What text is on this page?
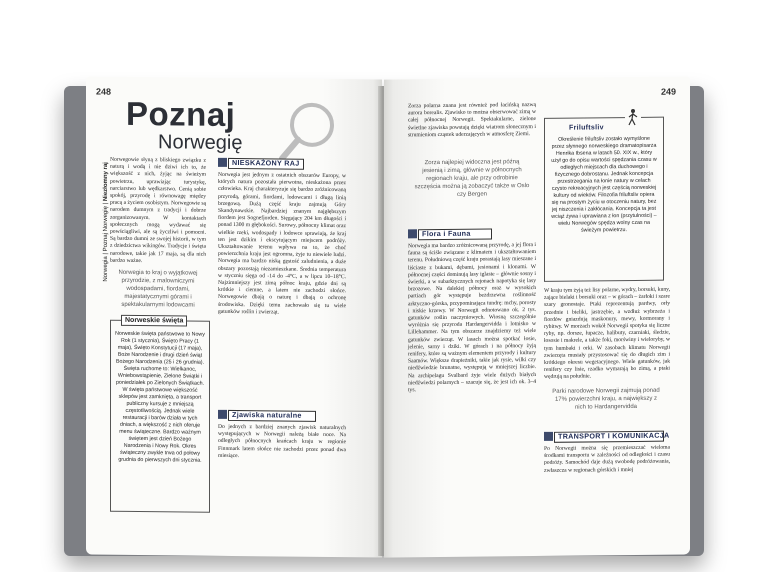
248
Norwegia | Poznaj Norwegię | Niezłomny raj
Poznaj
Norwegię
Norwegowie słyną z bliskiego związku z naturą i wodą i nie dziwi ich to, że większość z nich, żyjąc na świeżym powietrzu, uprawiając turystykę, narciarstwo lub wędkarstwo. Cenią sobie spokój, przyrodę i równowagę między pracą a życiem osobistym. Norwegowie są narodem dumnym z tradycji i dobrze zorganizowanym. W kontaktach społecznych mogą wydawać się powściągliwi, ale są życzliwi i pomocni. Są bardzo dumni ze swojej historii, w tym z dziedzictwa wikingów. Tradycje i święta narodowe, takie jak 17 maja, są dla nich bardzo ważne.
Norwegia to kraj o wyjątkowej przyrodzie, z malowniczymi wodospadami, fiordami, majestatycznymi górami i spektakularnymi lodowcami
Norweskie święta
Norweskie święta państwowe to Nowy Rok (1 stycznia), Święto Pracy (1 maja), Święto Konstytucji (17 maja), Boże Narodzenie i drugi dzień świąt Bożego Narodzenia (25 i 26 grudnia). Święta ruchome to: Wielkanoc, Wniebowstąpienie, Zielone Świątki i poniedziałek po Zielonych Świątkach. W święta państwowe większość sklepów jest zamknięta, a transport publiczny kursuje z mniejszą częstotliwością. Jednak wiele restauracji i barów działa w tych dniach, a większość z nich oferuje menu świąteczne. Bardzo ważnym świętem jest dzień Bożego Narodzenia i Nowy Rok. Okres świąteczny zwykle trwa od połowy grudnia do pierwszych dni stycznia.
NIESKAŻONY RAJ
Norwegia jest jednym z ostatnich obszarów Europy, w których natura pozostała pierwotna, nieskażona przez człowieka. Kraj charakteryzuje się bardzo zróżnicowaną przyrodą, górami, fiordami, lodowcami i długą linią brzegową. Dużą część kraju zajmują Góry Skandynawskie. Najbardziej znanym najgłębszym fiordem jest Sognefjorden. Sięgający 204 km długości i ponad 1300 m głębokości. Surowy, północny klimat oraz wielkie rzeki, wodospady i lodowce sprawiają, że kraj ten jest dzikim i ekscytującym miejscem podróży. Ukształtowanie terenu wpływa na to, że choć powierzchnia kraju jest ogromna, żyje tu niewiele ludzi. Norwegia ma bardzo niską gęstość zaludnienia, a duże obszary pozostają niezamieszkane. Średnia temperatura w styczniu sięga od -14 do -4°C, a w lipcu 10–18°C. Najzimniejszy jest zimą północ kraju, gdzie dni są krótkie i ciemne, a latem nie zachodzi słońce. Norwegowie dbają o naturę i dbają o ochronę środowiska. Dzięki temu zachowało się tu wiele gatunków roślin i zwierząt.
Zjawiska naturalne
Do jednych z bardziej znanych zjawisk naturalnych występujących w Norwegii należą białe noce. Na odległych północnych krańcach kraju w regionie Finnmark latem słońce nie zachodzi przez ponad dwa miesiące.
249
Zorza polarna znana jest również pod łacińską nazwą aurora borealis. Zjawisko to można obserwować zimą w całej północnej Norwegii. Spektakularne, zielone świetlne zjawiska powstają dzięki wiatrom słonecznym i strumieniom cząstek uderzających w atmosferę Ziemi.
Zorza najlepiej widoczna jest późną jesienią i zimą, głównie w północnych regionach kraju, ale przy odrobinie szczęścia można ją zobaczyć także w Oslo czy Bergen
Flora i Fauna
Norwegia ma bardzo zróżnicowaną przyrodę, a jej flora i fauna są ściśle związane z klimatem i ukształtowaniem terenu. Południową część kraju porastają lasy mieszane i liściaste z bukami, dębami, jesionami i klonami. W północnej części dominują lasy iglaste – głównie sosny i świerki, a w subarktycznych rejonach napotyka się lasy brzozowe. Na dalekiej północy oraz w wysokich partiach gór występuje bezdrzewna roślinność arktyczno-górska, przypominająca tundrę: mchy, porosty i niskie krzewy. W Norwegii odnotowano ok. 2 tys. gatunków roślin naczyniowych. Wiosną szczególnie wyróżnia się przyroda Hardangervidda i lotnisko w Lillehammer. Na tym obszarze znajdziemy też wiele gatunków zwierząt. W lasach można spotkać łosie, jelenie, sarny i dziki. W górach i na północy żyją renifery, które są ważnym elementem przyrody i kultury Saamów. Większe drapieżniki, takie jak rysie, wilki czy niedźwiedzie brunatne, występują w mniejszej liczbie. Na archipelagu Svalbard żyje wiele dużych białych niedźwiedzi polarnych – szacuje się, że jest ich ok. 3–4 tys.
Friluftsliv
Określenie friluftsliv zostało wymyślone przez słynnego norweskiego dramatopisarza Henrika Ibsena w latach 50. XIX w., który użył go do opisu wartości spędzania czasu w odległych miejscach dla duchowego i fizycznego dobrostanu. Jednak koncepcja przestrzegania na łonie natury w celach czysto rekreacyjnych jest częścią norweskiej kultury od wieków. Filozofia friluftsliv opiera się na prostym życiu w otoczeniu natury, bez jej niszczenia i zakłócania. Koncepcja ta jest wciąż żywa i uprawiana z łon (przytulności) – wielu Norwegów spędza wolny czas na świeżym powietrzu.
W kraju tym żyją też lisy polarne, wydry, borsuki, kuny, zające bielaki i borsuki oraz – w górach – żarłoki i szare szary gronostaje. Ptaki reprezentują pardwy, orły przednie i bieliki, jastrzębie, a wzdłuż wybrzeża i fiordów gniazdują maskonury, mewy, kormorany i rybitwy. W morzach wokół Norwegii spotyka się liczne ryby, np. dorsze, łupacze, halibuty, czarniaki, śledzie, łososie i makrele, a także foki, morświny i wieloryby, w tym humbaki i orki. W zasobach klimatu Norwegii zwierzęta musiały przystosować się do długich zim i krótkiego okresu wegetacyjnego. Wiele gatunków, jak renifery czy lisie, rzadko wymarają bo zimą, a ptaki wędrują na południe.
Parki narodowe Norwegii zajmują ponad 17% powierzchni kraju, a największy z nich to Hardangervidda
TRANSPORT I KOMUNIKACJA
Po Norwegii można się przemieszczać wieloma środkami transportu w zależności od odległości i czasu podróży. Samochód daje dużą swobodę podróżowania, zwłaszcza w regionach górskich i mniej
